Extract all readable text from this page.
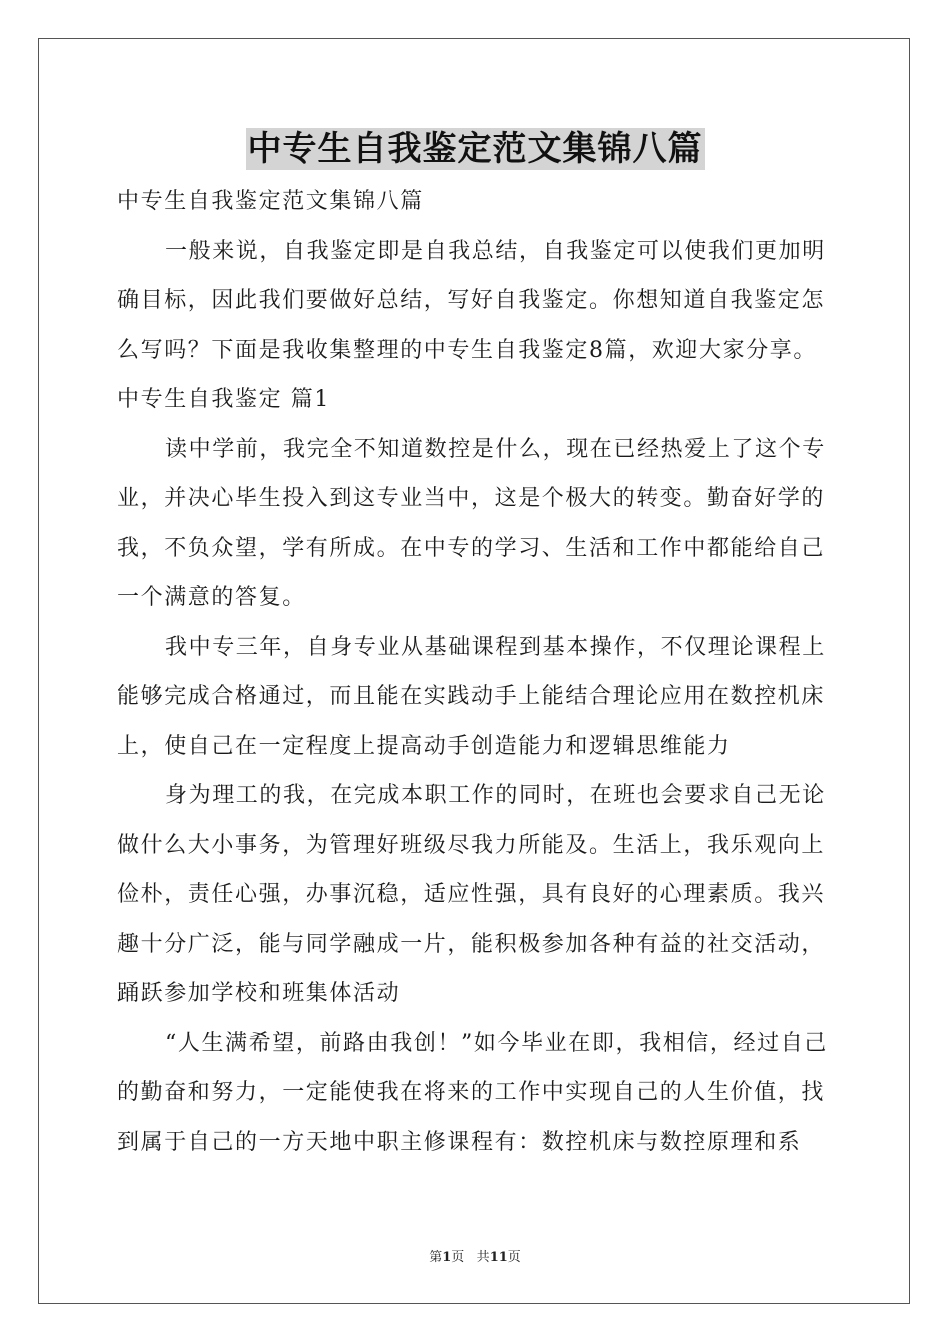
中专生自我鉴定范文集锦八篇

中专生自我鉴定范文集锦八篇

一般来说，自我鉴定即是自我总结，自我鉴定可以使我们更加明确目标，因此我们要做好总结，写好自我鉴定。你想知道自我鉴定怎么写吗？下面是我收集整理的中专生自我鉴定8篇，欢迎大家分享。

中专生自我鉴定 篇1

读中学前，我完全不知道数控是什么，现在已经热爱上了这个专业，并决心毕生投入到这专业当中，这是个极大的转变。勤奋好学的我，不负众望，学有所成。在中专的学习、生活和工作中都能给自己一个满意的答复。

我中专三年，自身专业从基础课程到基本操作，不仅理论课程上能够完成合格通过，而且能在实践动手上能结合理论应用在数控机床上，使自己在一定程度上提高动手创造能力和逻辑思维能力

身为理工的我，在完成本职工作的同时，在班也会要求自己无论做什么大小事务，为管理好班级尽我力所能及。生活上，我乐观向上俭朴，责任心强，办事沉稳，适应性强，具有良好的心理素质。我兴趣十分广泛，能与同学融成一片，能积极参加各种有益的社交活动，踊跃参加学校和班集体活动

“人生满希望，前路由我创！”如今毕业在即，我相信，经过自己的勤奋和努力，一定能使我在将来的工作中实现自己的人生价值，找到属于自己的一方天地中职主修课程有：数控机床与数控原理和系

第1页 共11页
